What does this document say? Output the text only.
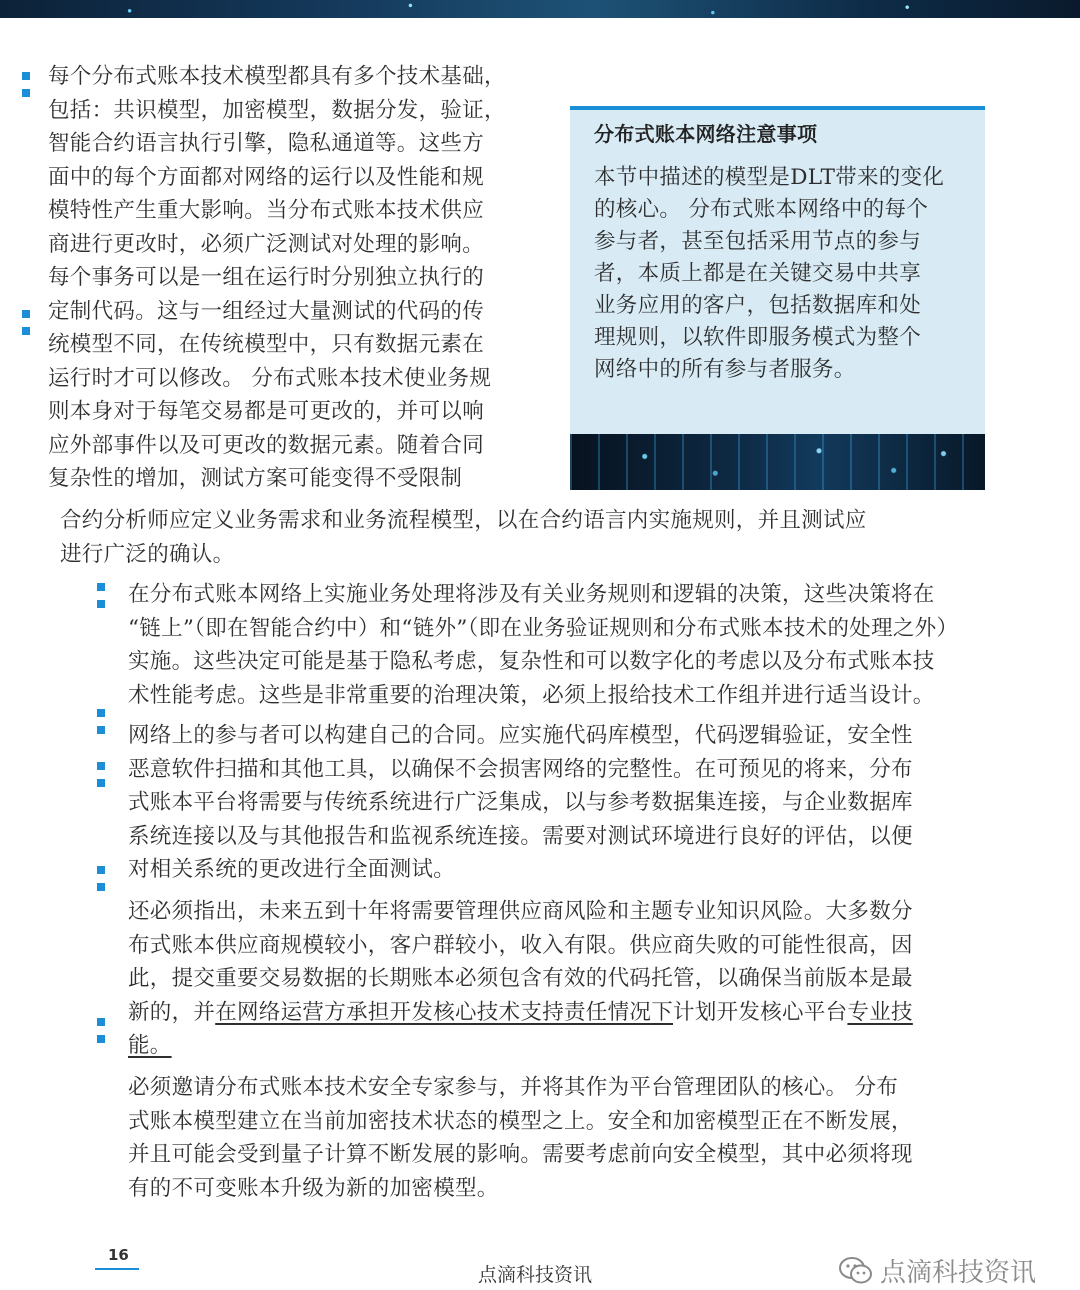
每个分布式账本技术模型都具有多个技术基础，
包括：共识模型，加密模型，数据分发，验证，
智能合约语言执行引擎，隐私通道等。这些方
面中的每个方面都对网络的运行以及性能和规
模特性产生重大影响。当分布式账本技术供应
商进行更改时，必须广泛测试对处理的影响。
每个事务可以是一组在运行时分别独立执行的
定制代码。这与一组经过大量测试的代码的传
统模型不同，在传统模型中，只有数据元素在
运行时才可以修改。 分布式账本技术使业务规
则本身对于每笔交易都是可更改的，并可以响
应外部事件以及可更改的数据元素。随着合同
复杂性的增加，测试方案可能变得不受限制
分布式账本网络注意事项
本节中描述的模型是DLT带来的变化
的核心。 分布式账本网络中的每个
参与者，甚至包括采用节点的参与
者，本质上都是在关键交易中共享
业务应用的客户，包括数据库和处
理规则，以软件即服务模式为整个
网络中的所有参与者服务。
合约分析师应定义业务需求和业务流程模型，以在合约语言内实施规则，并且测试应
进行广泛的确认。
在分布式账本网络上实施业务处理将涉及有关业务规则和逻辑的决策，这些决策将在
“链上”（即在智能合约中）和“链外”（即在业务验证规则和分布式账本技术的处理之外）
实施。这些决定可能是基于隐私考虑，复杂性和可以数字化的考虑以及分布式账本技
术性能考虑。这些是非常重要的治理决策，必须上报给技术工作组并进行适当设计。
网络上的参与者可以构建自己的合同。应实施代码库模型，代码逻辑验证，安全性
恶意软件扫描和其他工具，以确保不会损害网络的完整性。在可预见的将来，分布
式账本平台将需要与传统系统进行广泛集成，以与参考数据集连接，与企业数据库
系统连接以及与其他报告和监视系统连接。需要对测试环境进行良好的评估，以便
对相关系统的更改进行全面测试。
还必须指出，未来五到十年将需要管理供应商风险和主题专业知识风险。大多数分
布式账本供应商规模较小，客户群较小，收入有限。供应商失败的可能性很高，因
此，提交重要交易数据的长期账本必须包含有效的代码托管，以确保当前版本是最
新的，并在网络运营方承担开发核心技术支持责任情况下计划开发核心平台专业技
能。
必须邀请分布式账本技术安全专家参与，并将其作为平台管理团队的核心。 分布
式账本模型建立在当前加密技术状态的模型之上。安全和加密模型正在不断发展，
并且可能会受到量子计算不断发展的影响。需要考虑前向安全模型，其中必须将现
有的不可变账本升级为新的加密模型。

16

点滴科技资讯	点滴科技资讯
